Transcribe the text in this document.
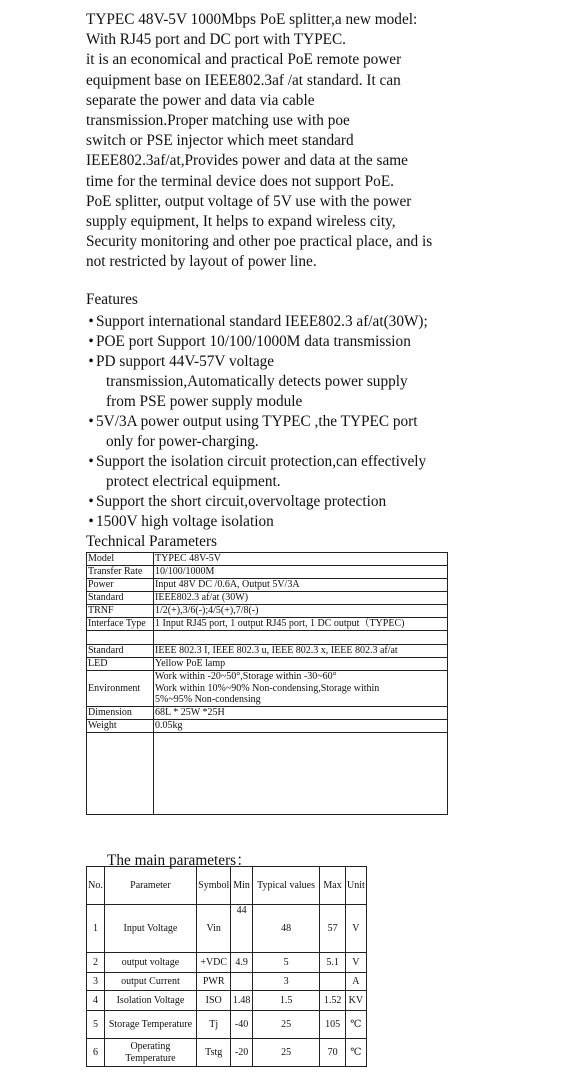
TYPEC 48V-5V 1000Mbps PoE splitter,a new model:
With RJ45 port and DC port with TYPEC.
it is an economical and practical PoE remote power
equipment base on IEEE802.3af /at standard. It can
separate the power and data via cable
transmission.Proper matching use with poe
switch or PSE injector which meet standard
IEEE802.3af/at,Provides power and data at the same
time for the terminal device does not support PoE.
PoE splitter, output voltage of 5V use with the power
supply equipment, It helps to expand wireless city,
Security monitoring and other poe practical place, and is
not restricted by layout of power line.
Features
• Support international standard IEEE802.3 af/at(30W);
• POE port Support 10/100/1000M data transmission
• PD support 44V-57V voltage
transmission,Automatically detects power supply
from PSE power supply module
• 5V/3A power output using TYPEC ,the TYPEC port
only for power-charging.
• Support the isolation circuit protection,can effectively
protect electrical equipment.
• Support the short circuit,overvoltage protection
• 1500V high voltage isolation
Technical Parameters
Model	TYPEC 48V-5V

Transfer Rate	10/100/1000M

Power	Input 48V DC /0.6A, Output 5V/3A

Standard	IEEE802.3 af/at (30W)

TRNF	1/2(+),3/6(-);4/5(+),7/8(-)

Interface Type	1 Input RJ45 port, 1 output RJ45 port, 1 DC output（TYPEC)

Standard	IEEE 802.3 I, IEEE 802.3 u, IEEE 802.3 x, IEEE 802.3 af/at

LED	Yellow PoE lamp

Environment	Work within -20~50°,Storage within -30~60°
Work within 10%~90% Non-condensing,Storage within
5%~95% Non-condensing

Dimension	68L * 25W *25H

Weight	0.05kg

The main parameters：
No.	Parameter	Symbol	Min	Typical values	Max	Unit
1	Input Voltage	Vin	44	48	57	V
2	output voltage	+VDC	4.9	5	5.1	V
3	output Current	PWR		3		A
4	Isolation Voltage	ISO	1.48	1.5	1.52	KV
5	Storage Temperature	Tj	-40	25	105	℃
6	Operating Temperature	Tstg	-20	25	70	℃
